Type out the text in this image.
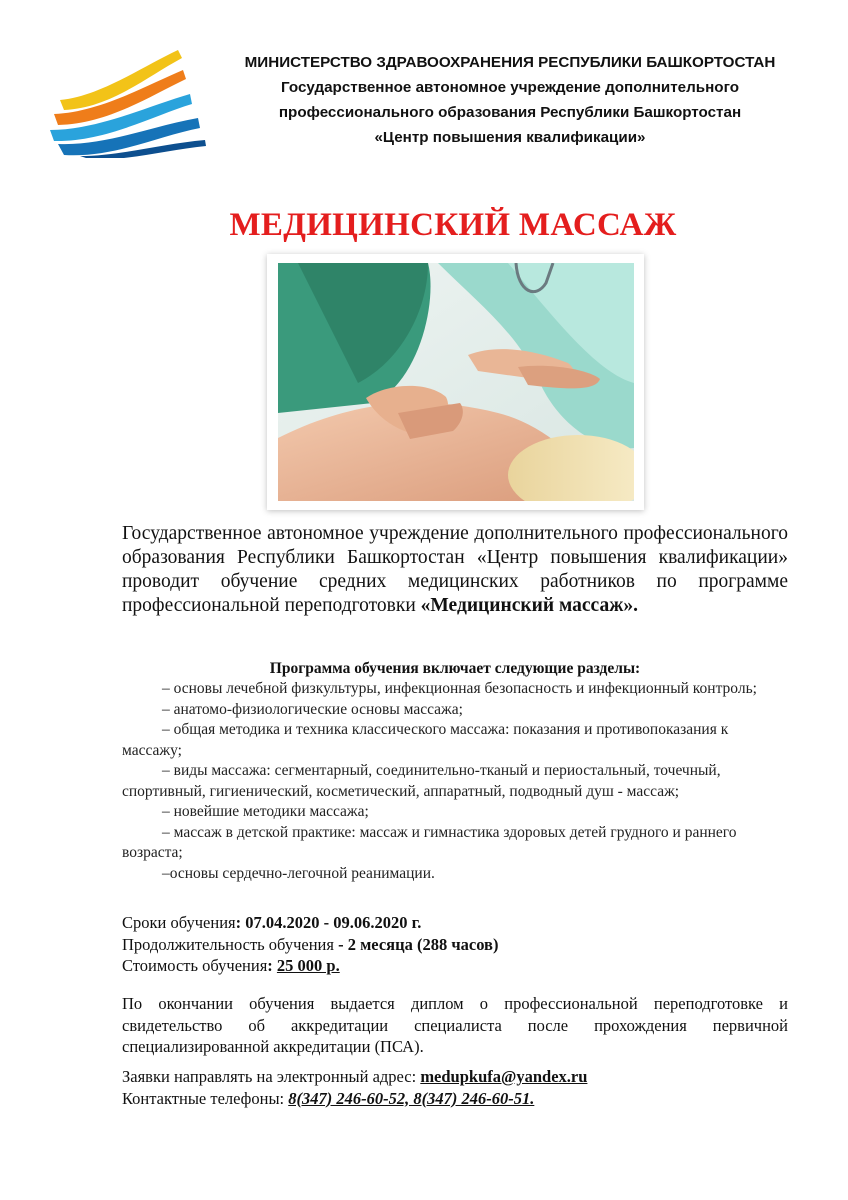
МИНИСТЕРСТВО ЗДРАВООХРАНЕНИЯ РЕСПУБЛИКИ БАШКОРТОСТАН
Государственное автономное учреждение дополнительного
профессионального образования Республики Башкортостан
«Центр повышения квалификации»
МЕДИЦИНСКИЙ МАССАЖ
Государственное автономное учреждение дополнительного профессионального образования Республики Башкортостан «Центр повышения квалификации» проводит обучение средних медицинских работников по программе профессиональной переподготовки «Медицинский массаж».
Программа обучения включает следующие разделы:
– основы лечебной физкультуры, инфекционная безопасность и инфекционный контроль;
– анатомо-физиологические основы массажа;
– общая методика и техника классического массажа: показания и противопоказания к массажу;
– виды массажа: сегментарный, соединительно-тканый и периостальный, точечный, спортивный, гигиенический, косметический, аппаратный, подводный душ - массаж;
– новейшие методики массажа;
– массаж в детской практике: массаж и гимнастика здоровых детей грудного и раннего возраста;
–основы сердечно-легочной реанимации.
Сроки обучения: 07.04.2020 - 09.06.2020 г.
Продолжительность обучения - 2 месяца (288 часов)
Стоимость обучения: 25 000 р.
По окончании обучения выдается диплом о профессиональной переподготовке и свидетельство об аккредитации специалиста после прохождения первичной специализированной аккредитации (ПСА).
Заявки направлять на электронный адрес: medupkufa@yandex.ru
Контактные телефоны: 8(347) 246-60-52, 8(347) 246-60-51.
